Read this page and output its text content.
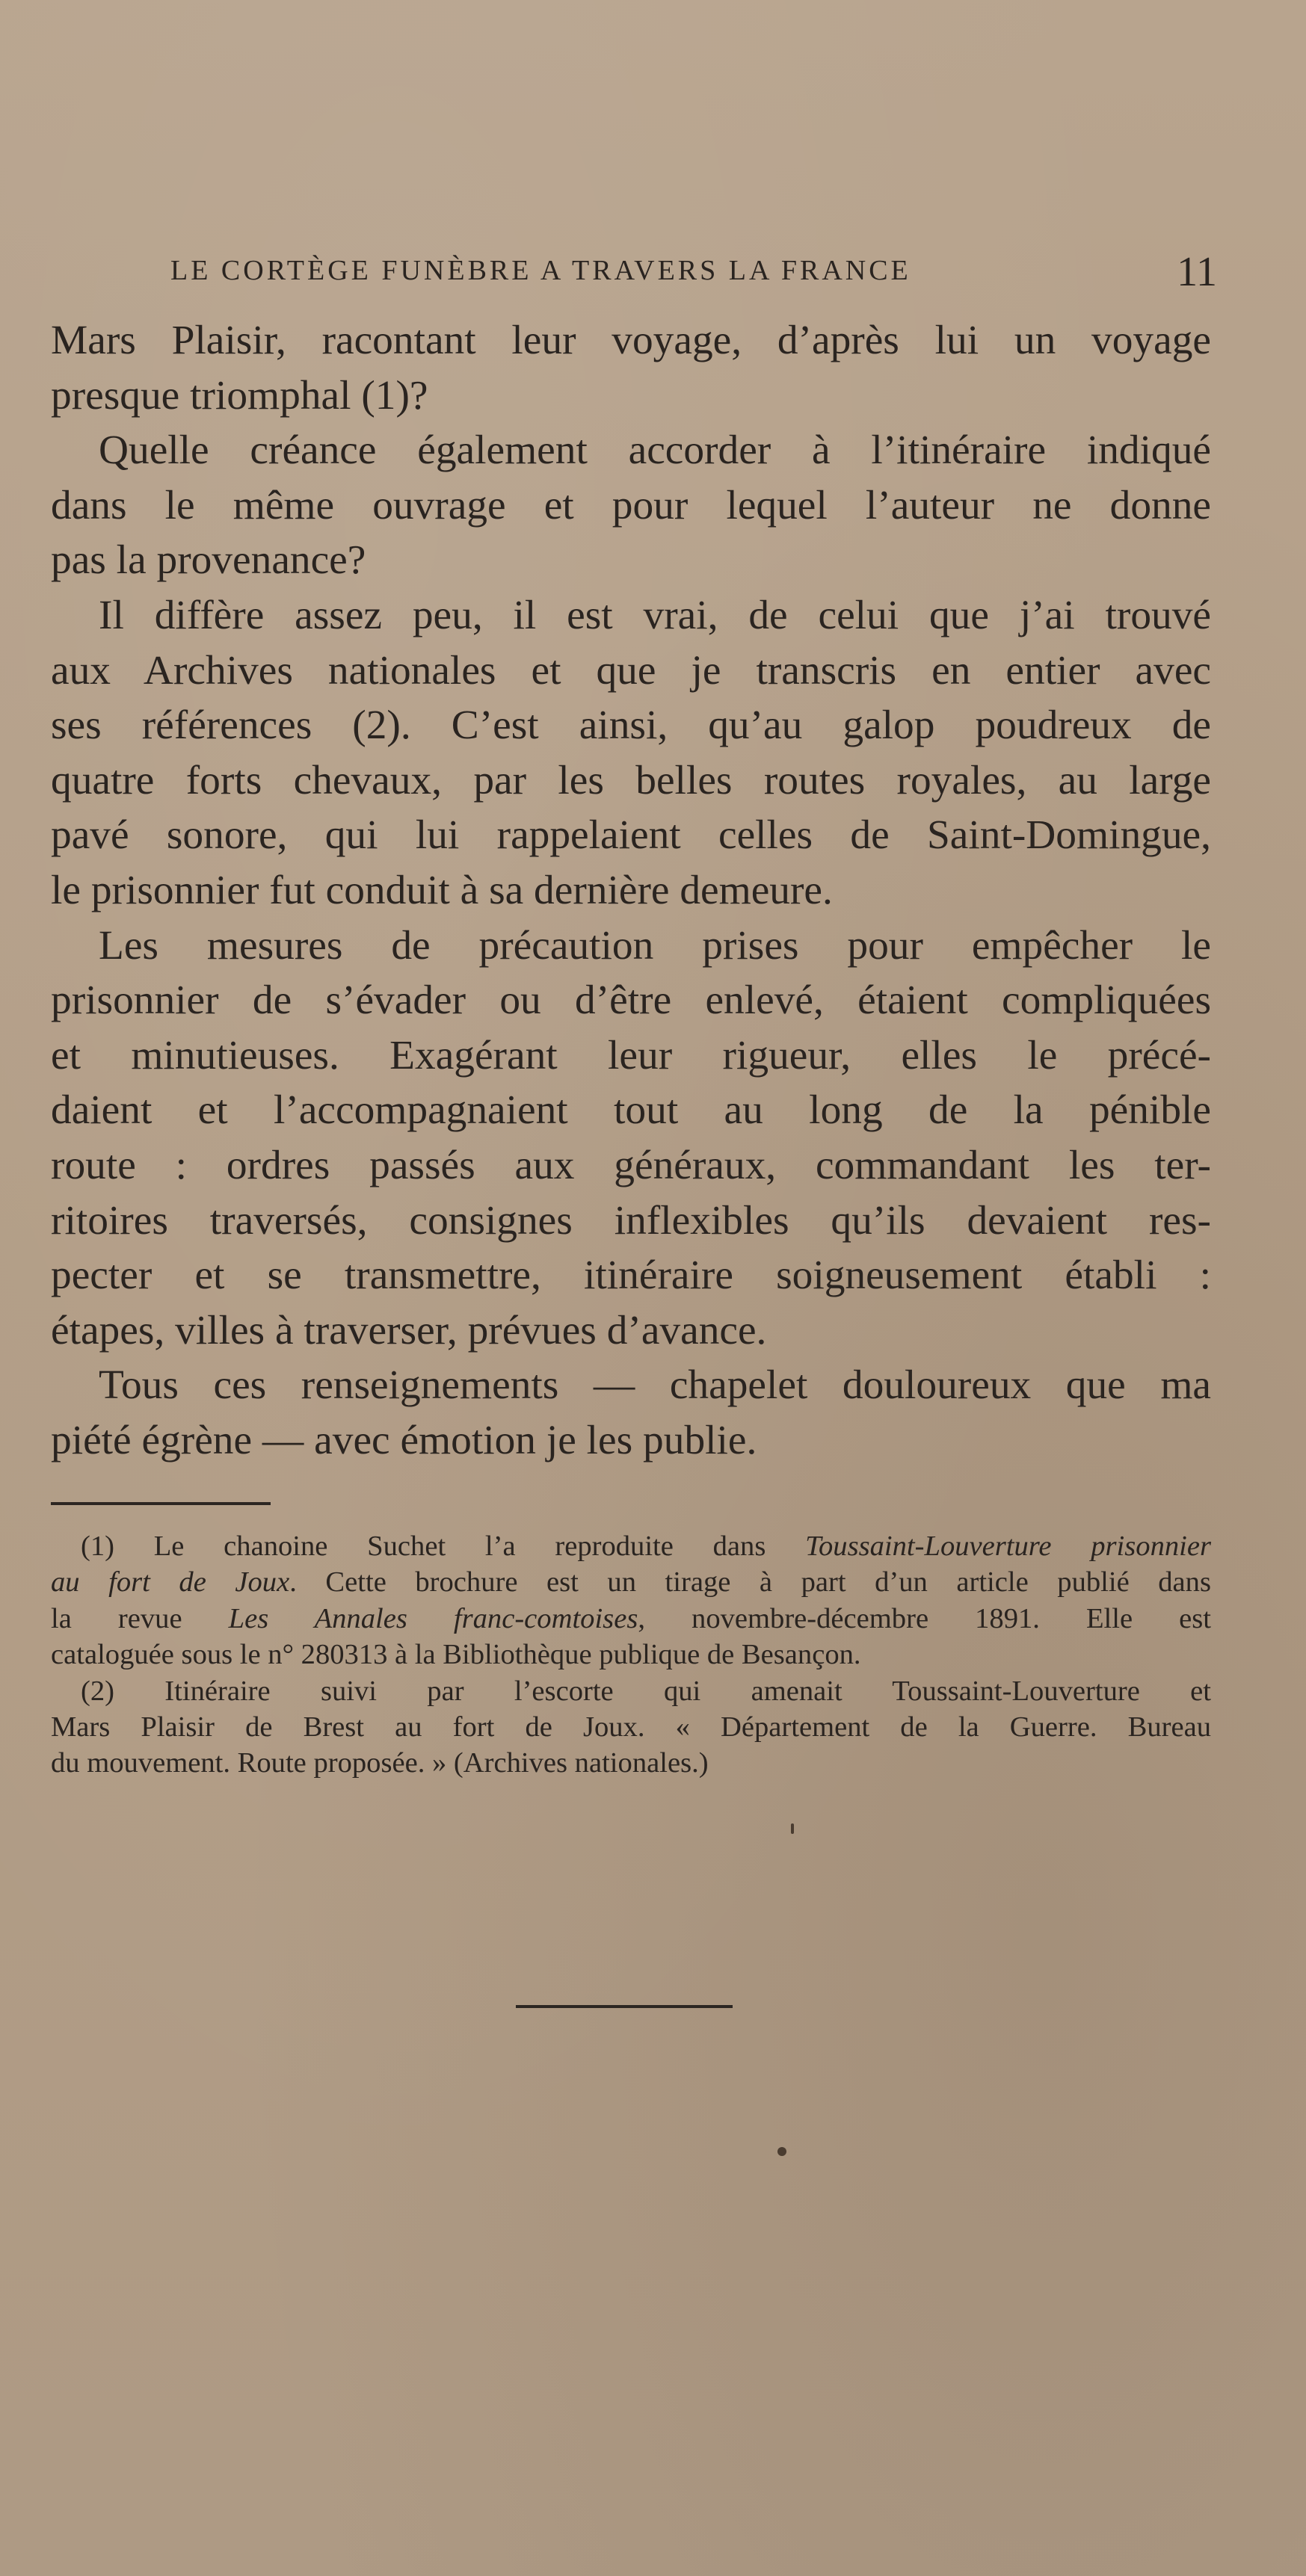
LE CORTÈGE FUNÈBRE A TRAVERS LA FRANCE	11
Mars Plaisir, racontant leur voyage, d’après lui un voyage
presque triomphal (1)?
Quelle créance également accorder à l’itinéraire indiqué
dans le même ouvrage et pour lequel l’auteur ne donne
pas la provenance?
Il diffère assez peu, il est vrai, de celui que j’ai trouvé
aux Archives nationales et que je transcris en entier avec
ses références (2). C’est ainsi, qu’au galop poudreux de
quatre forts chevaux, par les belles routes royales, au large
pavé sonore, qui lui rappelaient celles de Saint-Domingue,
le prisonnier fut conduit à sa dernière demeure.
Les mesures de précaution prises pour empêcher le
prisonnier de s’évader ou d’être enlevé, étaient compliquées
et minutieuses. Exagérant leur rigueur, elles le précé-
daient et l’accompagnaient tout au long de la pénible
route : ordres passés aux généraux, commandant les ter-
ritoires traversés, consignes inflexibles qu’ils devaient res-
pecter et se transmettre, itinéraire soigneusement établi :
étapes, villes à traverser, prévues d’avance.
Tous ces renseignements — chapelet douloureux que ma
piété égrène — avec émotion je les publie.
(1) Le chanoine Suchet l’a reproduite dans Toussaint-Louverture prisonnier
au fort de Joux. Cette brochure est un tirage à part d’un article publié dans
la revue Les Annales franc-comtoises, novembre-décembre 1891. Elle est
cataloguée sous le n° 280313 à la Bibliothèque publique de Besançon.
(2) Itinéraire suivi par l’escorte qui amenait Toussaint-Louverture et
Mars Plaisir de Brest au fort de Joux. « Département de la Guerre. Bureau
du mouvement. Route proposée. » (Archives nationales.)
